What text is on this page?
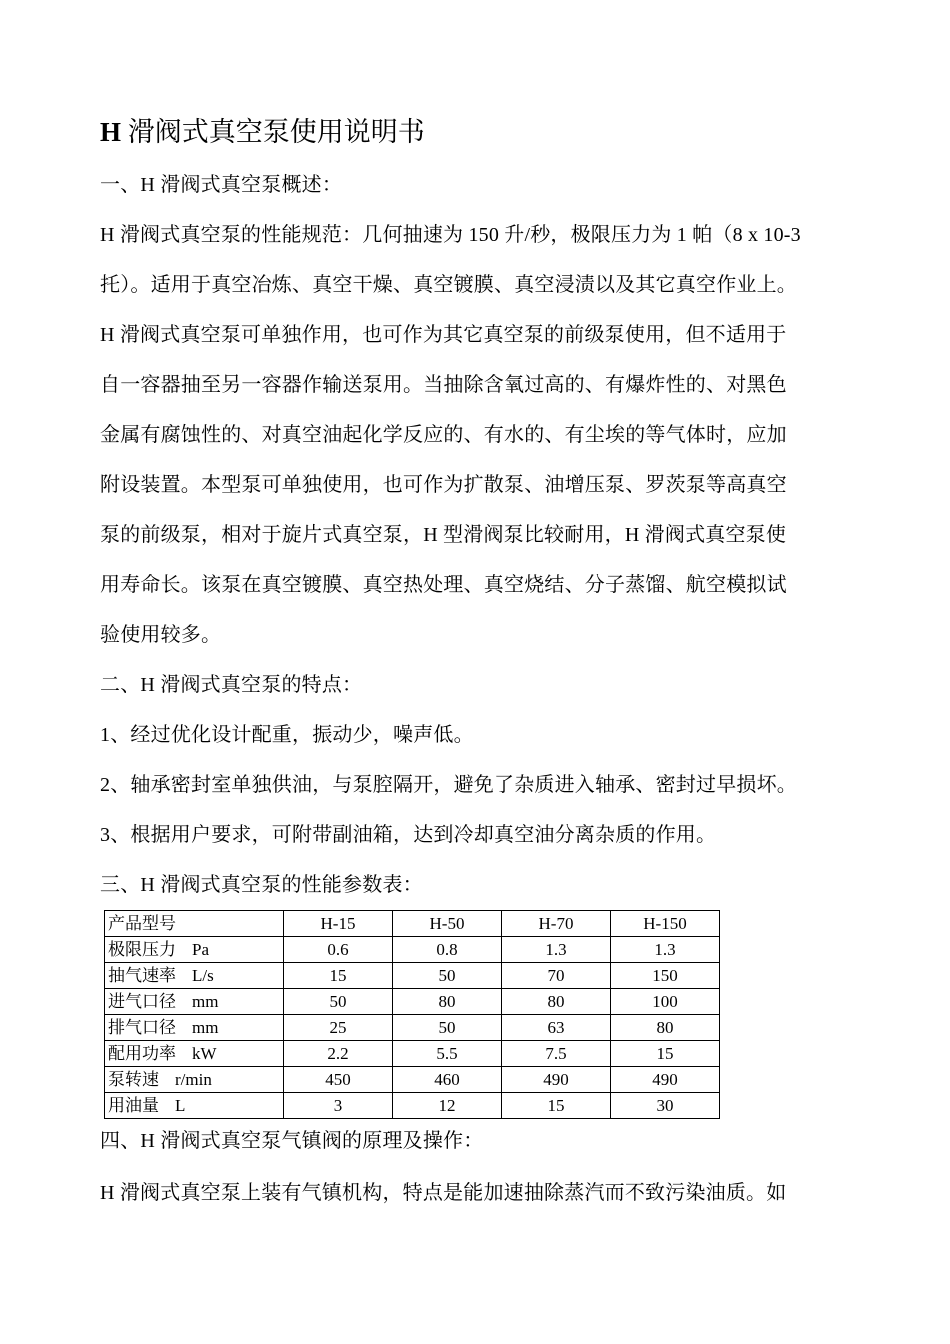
H 滑阀式真空泵使用说明书
一、H 滑阀式真空泵概述：
H 滑阀式真空泵的性能规范：几何抽速为 150 升/秒，极限压力为 1 帕（8 x 10-3
托）。适用于真空冶炼、真空干燥、真空镀膜、真空浸渍以及其它真空作业上。
H 滑阀式真空泵可单独作用，也可作为其它真空泵的前级泵使用，但不适用于
自一容器抽至另一容器作输送泵用。当抽除含氧过高的、有爆炸性的、对黑色
金属有腐蚀性的、对真空油起化学反应的、有水的、有尘埃的等气体时，应加
附设装置。本型泵可单独使用，也可作为扩散泵、油增压泵、罗茨泵等高真空
泵的前级泵，相对于旋片式真空泵，H 型滑阀泵比较耐用，H 滑阀式真空泵使
用寿命长。该泵在真空镀膜、真空热处理、真空烧结、分子蒸馏、航空模拟试
验使用较多。
二、H 滑阀式真空泵的特点：
1、经过优化设计配重，振动少，噪声低。
2、轴承密封室单独供油，与泵腔隔开，避免了杂质进入轴承、密封过早损坏。
3、根据用户要求，可附带副油箱，达到冷却真空油分离杂质的作用。
三、H 滑阀式真空泵的性能参数表：
产品型号	H-15	H-50	H-70	H-150
极限压力 Pa	0.6	0.8	1.3	1.3
抽气速率 L/s	15	50	70	150
进气口径 mm	50	80	80	100
排气口径 mm	25	50	63	80
配用功率 kW	2.2	5.5	7.5	15
泵转速 r/min	450	460	490	490
用油量 L	3	12	15	30
四、H 滑阀式真空泵气镇阀的原理及操作：
H 滑阀式真空泵上装有气镇机构，特点是能加速抽除蒸汽而不致污染油质。如
